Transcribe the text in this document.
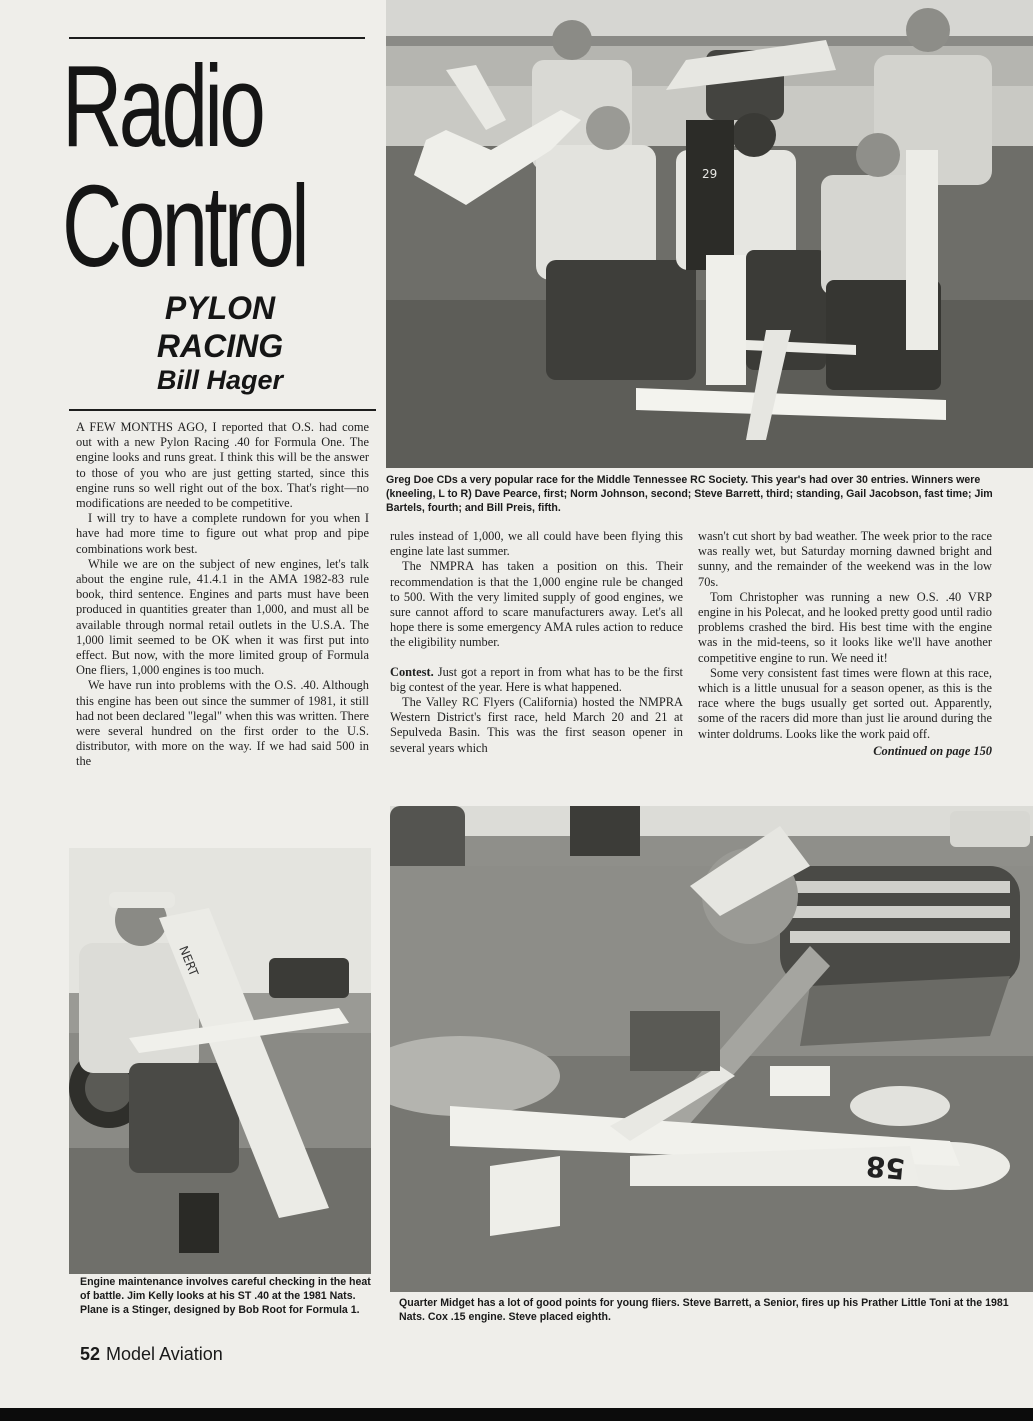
Radio
Control
PYLON
RACING
Bill Hager

A FEW MONTHS AGO, I reported that O.S. had come out with a new Pylon Racing .40 for Formula One. The engine looks and runs great. I think this will be the answer to those of you who are just getting started, since this engine runs so well right out of the box. That's right—no modifications are needed to be competitive.

I will try to have a complete rundown for you when I have had more time to figure out what prop and pipe combinations work best.

While we are on the subject of new engines, let's talk about the engine rule, 41.4.1 in the AMA 1982-83 rule book, third sentence. Engines and parts must have been produced in quantities greater than 1,000, and must all be available through normal retail outlets in the U.S.A. The 1,000 limit seemed to be OK when it was first put into effect. But now, with the more limited group of Formula One fliers, 1,000 engines is too much.

We have run into problems with the O.S. .40. Although this engine has been out since the summer of 1981, it still had not been declared "legal" when this was written. There were several hundred on the first order to the U.S. distributor, with more on the way. If we had said 500 in the

rules instead of 1,000, we all could have been flying this engine late last summer.

The NMPRA has taken a position on this. Their recommendation is that the 1,000 engine rule be changed to 500. With the very limited supply of good engines, we sure cannot afford to scare manufacturers away. Let's all hope there is some emergency AMA rules action to reduce the eligibility number.

Contest. Just got a report in from what has to be the first big contest of the year. Here is what happened.

The Valley RC Flyers (California) hosted the NMPRA Western District's first race, held March 20 and 21 at Sepulveda Basin. This was the first season opener in several years which

wasn't cut short by bad weather. The week prior to the race was really wet, but Saturday morning dawned bright and sunny, and the remainder of the weekend was in the low 70s.

Tom Christopher was running a new O.S. .40 VRP engine in his Polecat, and he looked pretty good until radio problems crashed the bird. His best time with the engine was in the mid-teens, so it looks like we'll have another competitive engine to run. We need it!

Some very consistent fast times were flown at this race, which is a little unusual for a season opener, as this is the race where the bugs usually get sorted out. Apparently, some of the racers did more than just lie around during the winter doldrums. Looks like the work paid off.

Continued on page 150

29
NERT
58
Greg Doe CDs a very popular race for the Middle Tennessee RC Society. This year's had over 30 entries. Winners were (kneeling, L to R) Dave Pearce, first; Norm Johnson, second; Steve Barrett, third; standing, Gail Jacobson, fast time; Jim Bartels, fourth; and Bill Preis, fifth.
Engine maintenance involves careful checking in the heat of battle. Jim Kelly looks at his ST .40 at the 1981 Nats. Plane is a Stinger, designed by Bob Root for Formula 1.
Quarter Midget has a lot of good points for young fliers. Steve Barrett, a Senior, fires up his Prather Little Toni at the 1981 Nats. Cox .15 engine. Steve placed eighth.
52 Model Aviation
